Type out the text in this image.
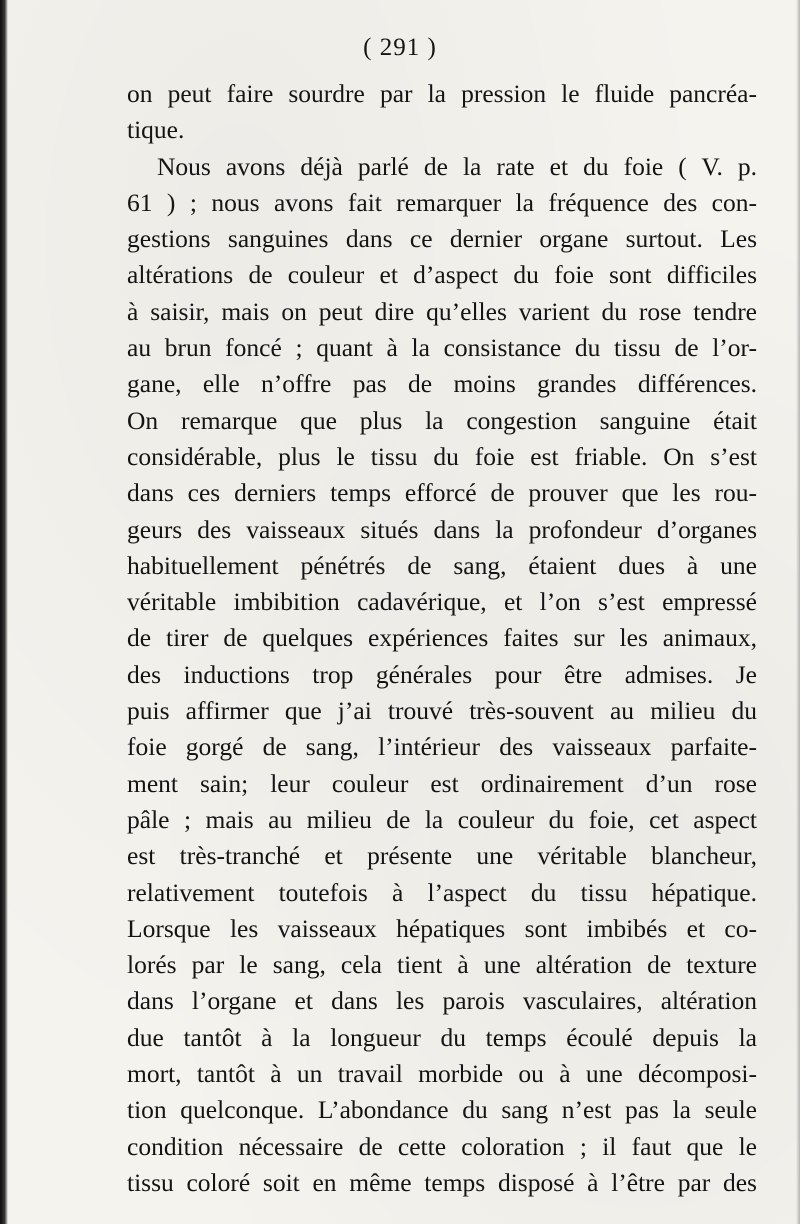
( 291 )
on peut faire sourdre par la pression le fluide pancréa-
tique.
Nous avons déjà parlé de la rate et du foie ( V. p.
61 ) ; nous avons fait remarquer la fréquence des con-
gestions sanguines dans ce dernier organe surtout. Les
altérations de couleur et d’aspect du foie sont difficiles
à saisir, mais on peut dire qu’elles varient du rose tendre
au brun foncé ; quant à la consistance du tissu de l’or-
gane, elle n’offre pas de moins grandes différences.
On remarque que plus la congestion sanguine était
considérable, plus le tissu du foie est friable. On s’est
dans ces derniers temps efforcé de prouver que les rou-
geurs des vaisseaux situés dans la profondeur d’organes
habituellement pénétrés de sang, étaient dues à une
véritable imbibition cadavérique, et l’on s’est empressé
de tirer de quelques expériences faites sur les animaux,
des inductions trop générales pour être admises. Je
puis affirmer que j’ai trouvé très-souvent au milieu du
foie gorgé de sang, l’intérieur des vaisseaux parfaite-
ment sain; leur couleur est ordinairement d’un rose
pâle ; mais au milieu de la couleur du foie, cet aspect
est très-tranché et présente une véritable blancheur,
relativement toutefois à l’aspect du tissu hépatique.
Lorsque les vaisseaux hépatiques sont imbibés et co-
lorés par le sang, cela tient à une altération de texture
dans l’organe et dans les parois vasculaires, altération
due tantôt à la longueur du temps écoulé depuis la
mort, tantôt à un travail morbide ou à une décomposi-
tion quelconque. L’abondance du sang n’est pas la seule
condition nécessaire de cette coloration ; il faut que le
tissu coloré soit en même temps disposé à l’être par des
